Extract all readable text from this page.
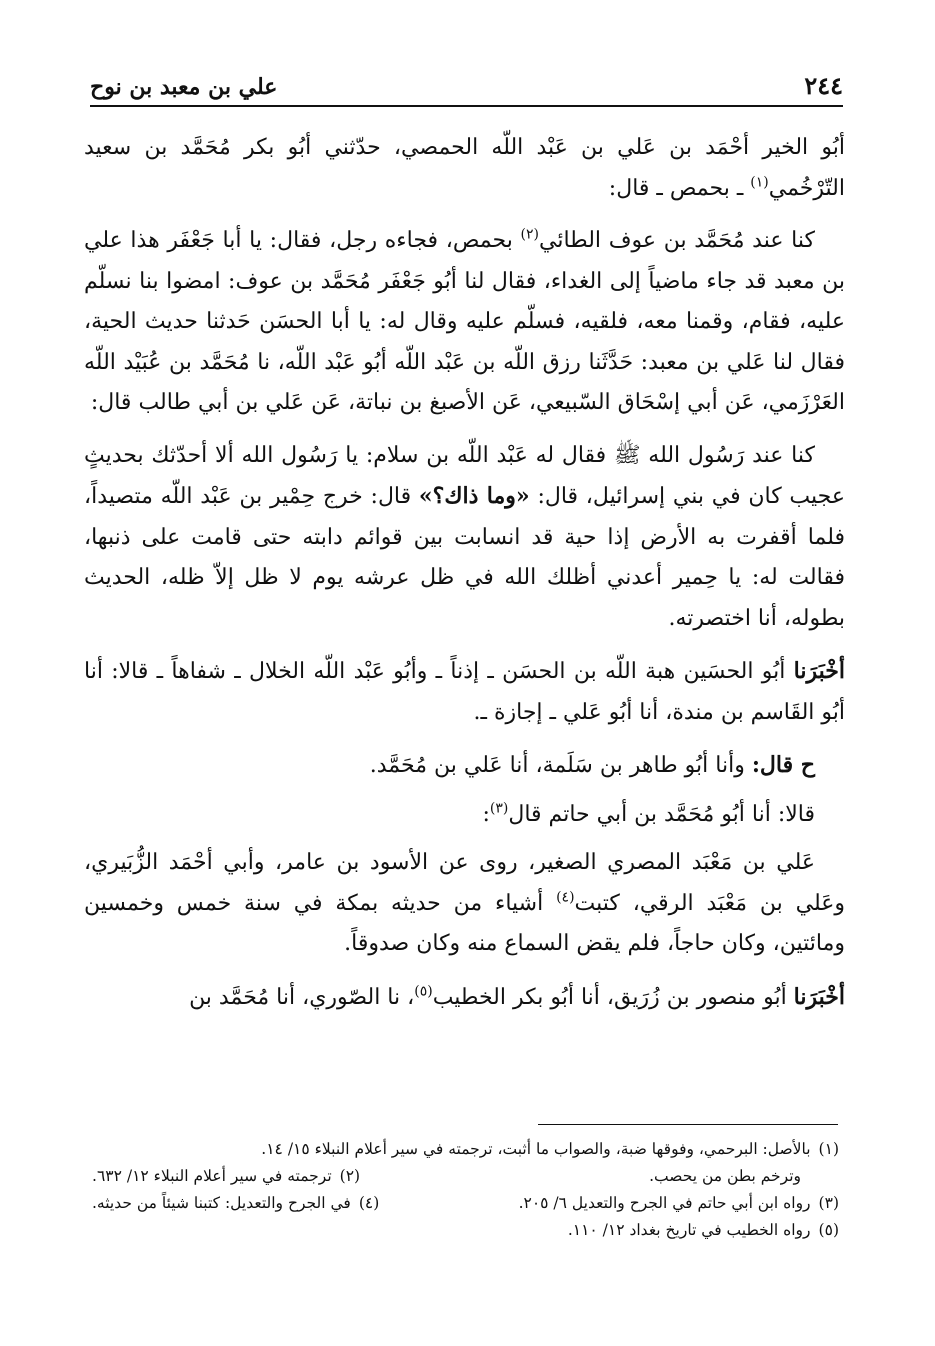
٢٤٤
علي بن معبد بن نوح

أبُو الخير أحْمَد بن عَلي بن عَبْد اللّه الحمصي، حدّثني أبُو بكر مُحَمَّد بن سعيد التّرْخُمي$^{(١)}$ ـ بحمص ـ قال:

كنا عند مُحَمَّد بن عوف الطائي$^{(٢)}$ بحمص، فجاءه رجل، فقال: يا أبا جَعْفَر هذا علي بن معبد قد جاء ماضياً إلى الغداء، فقال لنا أبُو جَعْفَر مُحَمَّد بن عوف: امضوا بنا نسلّم عليه، فقام، وقمنا معه، فلقيه، فسلّم عليه وقال له: يا أبا الحسَن حَدثنا حديث الحية، فقال لنا عَلي بن معبد: حَدَّثَنا رزق اللّه بن عَبْد اللّه أبُو عَبْد اللّه، نا مُحَمَّد بن عُبَيْد اللّه العَرْزَمي، عَن أبي إسْحَاق السّبيعي، عَن الأصبغ بن نباتة، عَن عَلي بن أبي طالب قال:

كنا عند رَسُول الله ﷺ فقال له عَبْد اللّه بن سلام: يا رَسُول الله ألا أحدّثك بحديثٍ عجيب كان في بني إسرائيل، قال: «وما ذاك؟» قال: خرج حِمْير بن عَبْد اللّه متصيداً، فلما أقفرت به الأرض إذا حية قد انسابت بين قوائم دابته حتى قامت على ذنبها، فقالت له: يا حِمير أعدني أظلك الله في ظل عرشه يوم لا ظل إلاّ ظله، الحديث بطوله، أنا اختصرته.

أخْبَرَنا أبُو الحسَين هبة اللّه بن الحسَن ـ إذناً ـ وأبُو عَبْد اللّه الخلال ـ شفاهاً ـ قالا: أنا أبُو القَاسم بن مندة، أنا أبُو عَلي ـ إجازة ـ.

ح قال: وأنا أبُو طاهر بن سَلَمة، أنا عَلي بن مُحَمَّد.

قالا: أنا أبُو مُحَمَّد بن أبي حاتم قال$^{(٣)}$:

عَلي بن مَعْبَد المصري الصغير، روى عن الأسود بن عامر، وأبي أحْمَد الزُّبَيري، وعَلي بن مَعْبَد الرقي، كتبت$^{(٤)}$ أشياء من حديثه بمكة في سنة خمس وخمسين ومائتين، وكان حاجاً، فلم يقض السماع منه وكان صدوقاً.

أخْبَرَنا أبُو منصور بن زُرَيق، أنا أبُو بكر الخطيب$^{(٥)}$، نا الصّوري، أنا مُحَمَّد بن

(١)بالأصل: البرحمي، وفوقها ضبة، والصواب ما أثبت، ترجمته في سير أعلام النبلاء ١٥/ ١٤.

وترخم بطن من يحصب.

(٢)ترجمته في سير أعلام النبلاء ١٢/ ٦٣٢.

(٣)رواه ابن أبي حاتم في الجرح والتعديل ٦/ ٢٠٥.

(٤)في الجرح والتعديل: كتبنا شيئاً من حديثه.

(٥)رواه الخطيب في تاريخ بغداد ١٢/ ١١٠.
